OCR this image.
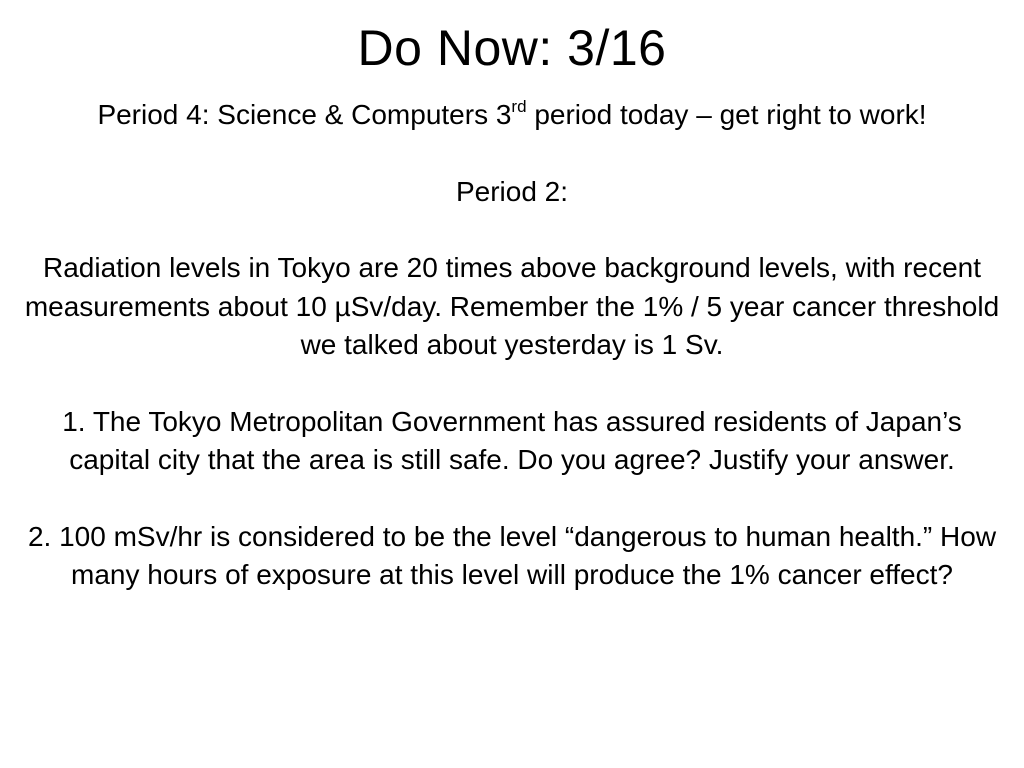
Do Now: 3/16

Period 4: Science & Computers 3rd period today – get right to work!

Period 2:

Radiation levels in Tokyo are 20 times above background levels, with recent measurements about 10 µSv/day. Remember the 1% / 5 year cancer threshold we talked about yesterday is 1 Sv.

1. The Tokyo Metropolitan Government has assured residents of Japan’s capital city that the area is still safe. Do you agree? Justify your answer.

2. 100 mSv/hr is considered to be the level “dangerous to human health.” How many hours of exposure at this level will produce the 1% cancer effect?
